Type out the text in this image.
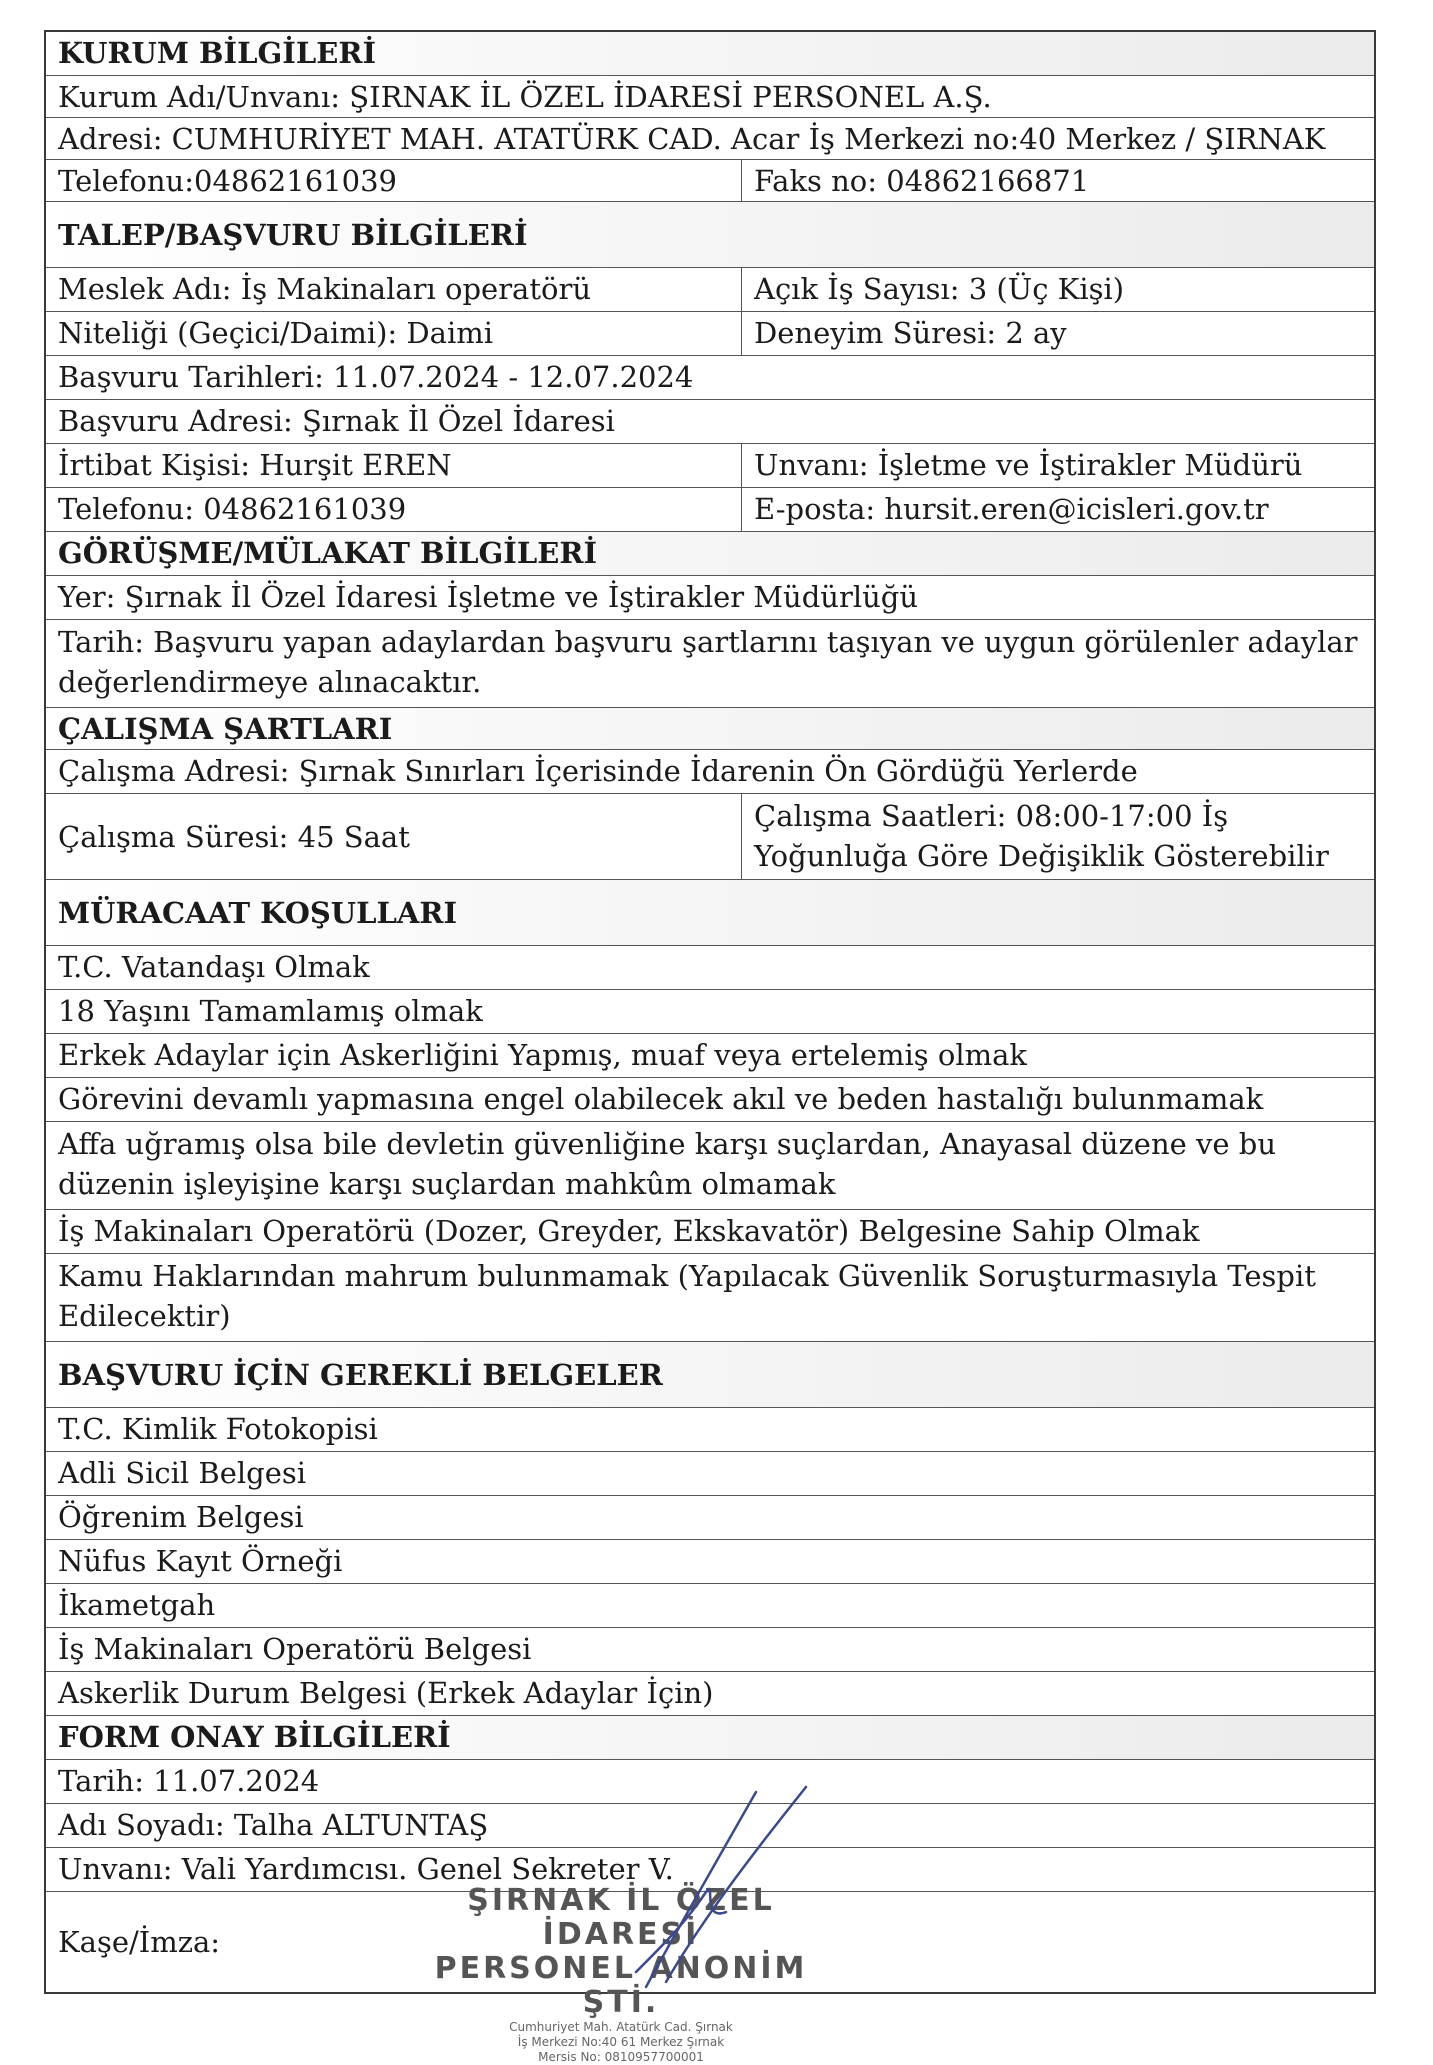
KURUM BİLGİLERİ
Kurum Adı/Unvanı: ŞIRNAK İL ÖZEL İDARESİ PERSONEL A.Ş.
Adresi: CUMHURİYET MAH. ATATÜRK CAD. Acar İş Merkezi no:40 Merkez / ŞIRNAK
Telefonu:04862161039	Faks no: 04862166871
TALEP/BAŞVURU BİLGİLERİ
Meslek Adı: İş Makinaları operatörü	Açık İş Sayısı: 3 (Üç Kişi)
Niteliği (Geçici/Daimi): Daimi	Deneyim Süresi: 2 ay
Başvuru Tarihleri: 11.07.2024 - 12.07.2024
Başvuru Adresi: Şırnak İl Özel İdaresi
İrtibat Kişisi: Hurşit EREN	Unvanı: İşletme ve İştirakler Müdürü
Telefonu: 04862161039	E-posta: hursit.eren@icisleri.gov.tr
GÖRÜŞME/MÜLAKAT BİLGİLERİ
Yer: Şırnak İl Özel İdaresi İşletme ve İştirakler Müdürlüğü
Tarih: Başvuru yapan adaylardan başvuru şartlarını taşıyan ve uygun görülenler adaylar değerlendirmeye alınacaktır.
ÇALIŞMA ŞARTLARI
Çalışma Adresi: Şırnak Sınırları İçerisinde İdarenin Ön Gördüğü Yerlerde
Çalışma Süresi: 45 Saat
Çalışma Saatleri: 08:00-17:00 İş Yoğunluğa Göre Değişiklik Gösterebilir
MÜRACAAT KOŞULLARI
T.C. Vatandaşı Olmak
18 Yaşını Tamamlamış olmak
Erkek Adaylar için Askerliğini Yapmış, muaf veya ertelemiş olmak
Görevini devamlı yapmasına engel olabilecek akıl ve beden hastalığı bulunmamak
Affa uğramış olsa bile devletin güvenliğine karşı suçlardan, Anayasal düzene ve bu düzenin işleyişine karşı suçlardan mahkûm olmamak
İş Makinaları Operatörü (Dozer, Greyder, Ekskavatör) Belgesine Sahip Olmak
Kamu Haklarından mahrum bulunmamak (Yapılacak Güvenlik Soruşturmasıyla Tespit Edilecektir)
BAŞVURU İÇİN GEREKLİ BELGELER
T.C. Kimlik Fotokopisi
Adli Sicil Belgesi
Öğrenim Belgesi
Nüfus Kayıt Örneği
İkametgah
İş Makinaları Operatörü Belgesi
Askerlik Durum Belgesi (Erkek Adaylar İçin)
FORM ONAY BİLGİLERİ
Tarih: 11.07.2024
Adı Soyadı: Talha ALTUNTAŞ
Unvanı: Vali Yardımcısı. Genel Sekreter V.
Kaşe/İmza:
ŞIRNAK İL ÖZEL İDARESİ
PERSONEL ANONİM ŞTİ.
Cumhuriyet Mah. Atatürk Cad. Şırnak
İş Merkezi No:40 61 Merkez Şırnak
Mersis No: 0810957700001
